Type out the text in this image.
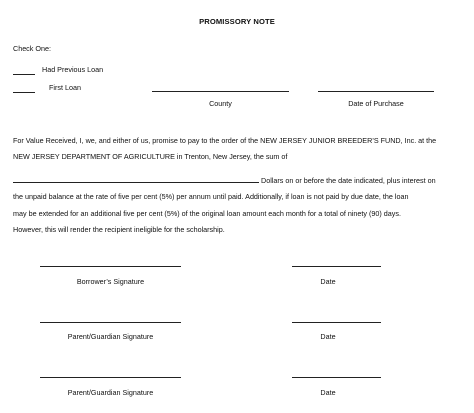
PROMISSORY NOTE
Check One:
Had Previous Loan
First Loan
County	Date of Purchase
For Value Received, I, we, and either of us, promise to pay to the order of the NEW JERSEY JUNIOR BREEDER’S FUND, Inc. at the
NEW JERSEY DEPARTMENT OF AGRICULTURE in Trenton, New Jersey, the sum of
Dollars on or before the date indicated, plus interest on
the unpaid balance at the rate of five per cent (5%) per annum until paid. Additionally, if loan is not paid by due date, the loan
may be extended for an additional five per cent (5%) of the original loan amount each month for a total of ninety (90) days.
However, this will render the recipient ineligible for the scholarship.
Borrower’s Signature	Date
Parent/Guardian Signature	Date
Parent/Guardian Signature	Date
